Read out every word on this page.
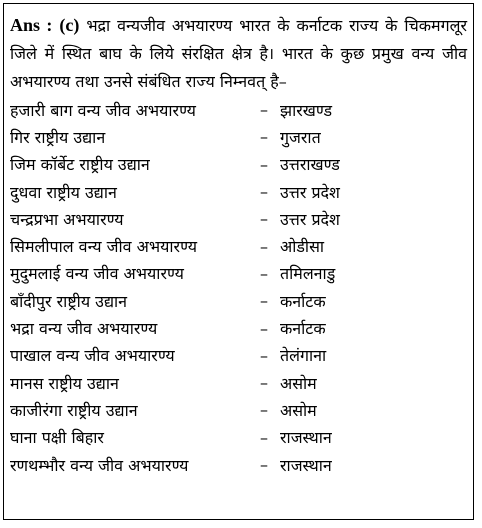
Ans : (c) भद्रा वन्यजीव अभयारण्य भारत के कर्नाटक राज्य के चिकमगलूर जिले में स्थित बाघ के लिये संरक्षित क्षेत्र है। भारत के कुछ प्रमुख वन्य जीव अभयारण्य तथा उनसे संबंधित राज्य निम्नवत् है–

हजारी बाग वन्य जीव अभयारण्य	– झारखण्ड
गिर राष्ट्रीय उद्यान	– गुजरात
जिम कॉर्बेट राष्ट्रीय उद्यान	– उत्तराखण्ड
दुधवा राष्ट्रीय उद्यान	– उत्तर प्रदेश
चन्द्रप्रभा अभयारण्य	– उत्तर प्रदेश
सिमलीपाल वन्य जीव अभयारण्य	– ओडीसा
मुदुमलाई वन्य जीव अभयारण्य	– तमिलनाडु
बाँदीपुर राष्ट्रीय उद्यान	– कर्नाटक
भद्रा वन्य जीव अभयारण्य	– कर्नाटक
पाखाल वन्य जीव अभयारण्य	– तेलंगाना
मानस राष्ट्रीय उद्यान	– असोम
काजीरंगा राष्ट्रीय उद्यान	– असोम
घाना पक्षी बिहार	– राजस्थान
रणथम्भौर वन्य जीव अभयारण्य	– राजस्थान
